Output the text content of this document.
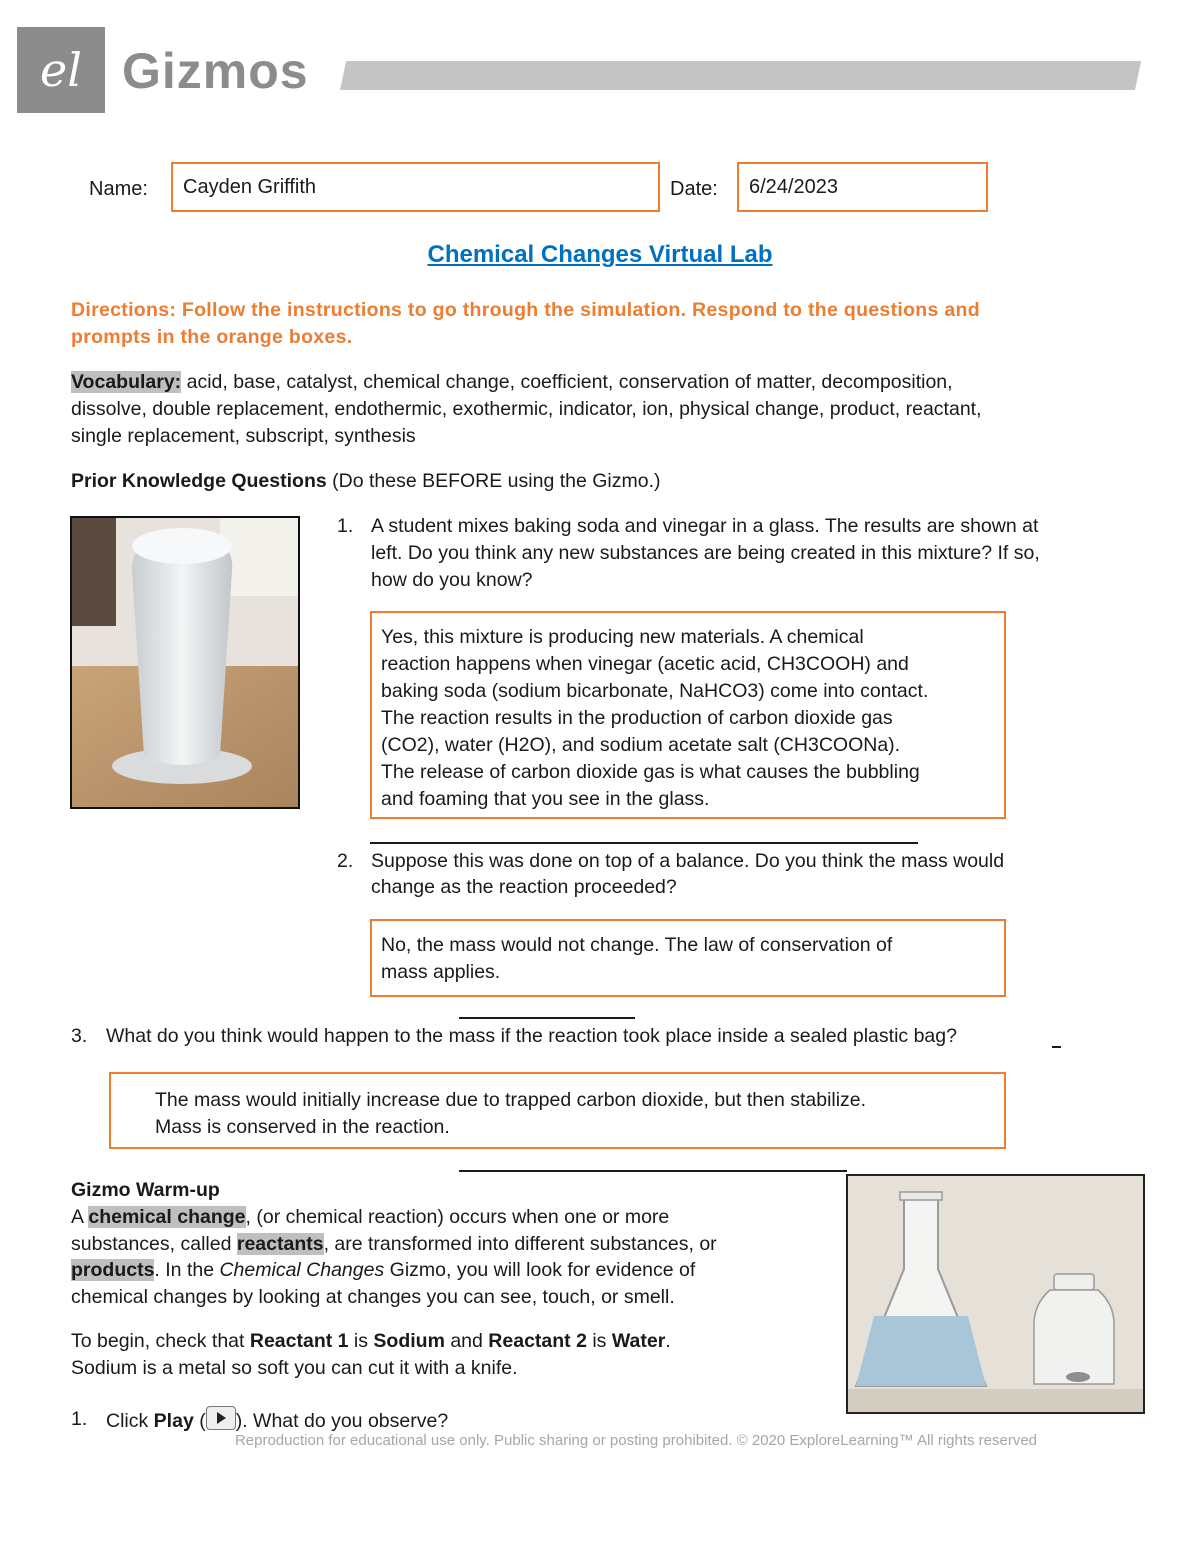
el Gizmos
Name:	Cayden Griffith	Date:	6/24/2023
Chemical Changes Virtual Lab
Directions: Follow the instructions to go through the simulation. Respond to the questions and
prompts in the orange boxes.
Vocabulary: acid, base, catalyst, chemical change, coefficient, conservation of matter, decomposition,
dissolve, double replacement, endothermic, exothermic, indicator, ion, physical change, product, reactant,
single replacement, subscript, synthesis
Prior Knowledge Questions (Do these BEFORE using the Gizmo.)
1. A student mixes baking soda and vinegar in a glass. The results are shown at
left. Do you think any new substances are being created in this mixture? If so,
how do you know?
Yes, this mixture is producing new materials. A chemical
reaction happens when vinegar (acetic acid, CH3COOH) and
baking soda (sodium bicarbonate, NaHCO3) come into contact.
The reaction results in the production of carbon dioxide gas
(CO2), water (H2O), and sodium acetate salt (CH3COONa).
The release of carbon dioxide gas is what causes the bubbling
and foaming that you see in the glass.
2. Suppose this was done on top of a balance. Do you think the mass would
change as the reaction proceeded?
No, the mass would not change. The law of conservation of
mass applies.
3. What do you think would happen to the mass if the reaction took place inside a sealed plastic bag?
The mass would initially increase due to trapped carbon dioxide, but then stabilize.
Mass is conserved in the reaction.
Gizmo Warm-up
A chemical change, (or chemical reaction) occurs when one or more
substances, called reactants, are transformed into different substances, or
products. In the Chemical Changes Gizmo, you will look for evidence of
chemical changes by looking at changes you can see, touch, or smell.
To begin, check that Reactant 1 is Sodium and Reactant 2 is Water.
Sodium is a metal so soft you can cut it with a knife.
1. Click Play ( ). What do you observe?
Reproduction for educational use only. Public sharing or posting prohibited. © 2020 ExploreLearning™ All rights reserved
